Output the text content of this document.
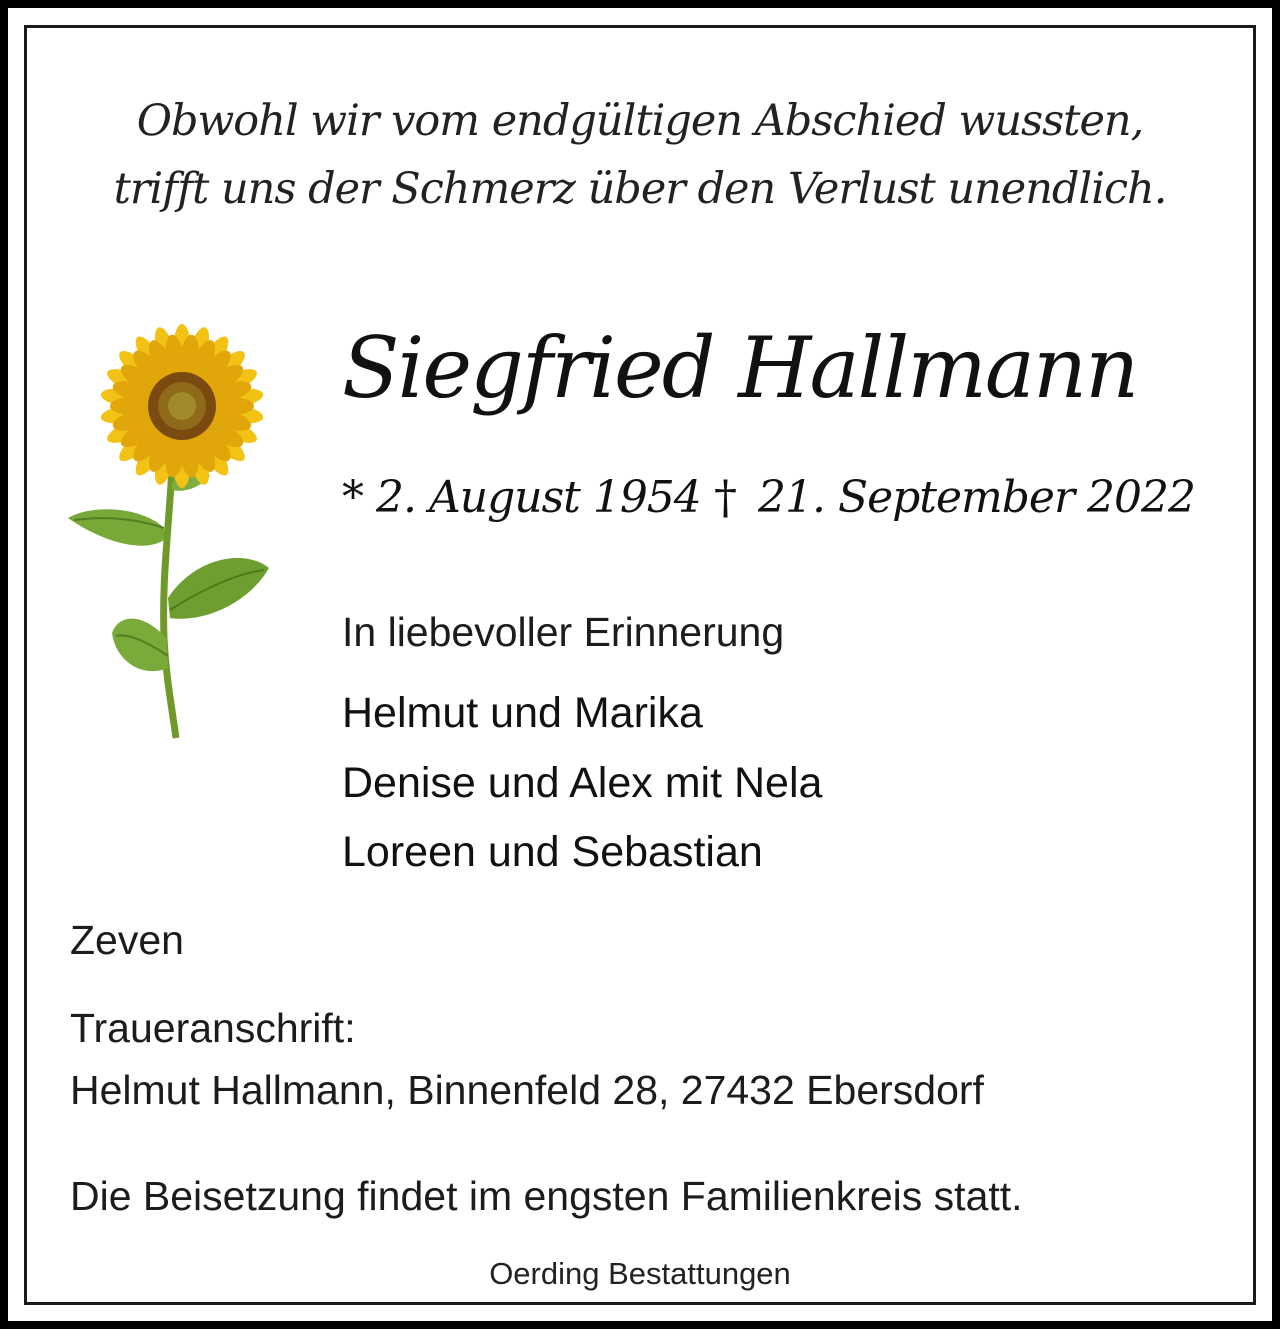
Obwohl wir vom endgültigen Abschied wussten,
trifft uns der Schmerz über den Verlust unendlich.
Siegfried Hallmann
* 2. August 1954 † 21. September 2022
In liebevoller Erinnerung
Helmut und Marika
Denise und Alex mit Nela
Loreen und Sebastian
Zeven
Traueranschrift:
Helmut Hallmann, Binnenfeld 28, 27432 Ebersdorf
Die Beisetzung findet im engsten Familienkreis statt.
Oerding Bestattungen
